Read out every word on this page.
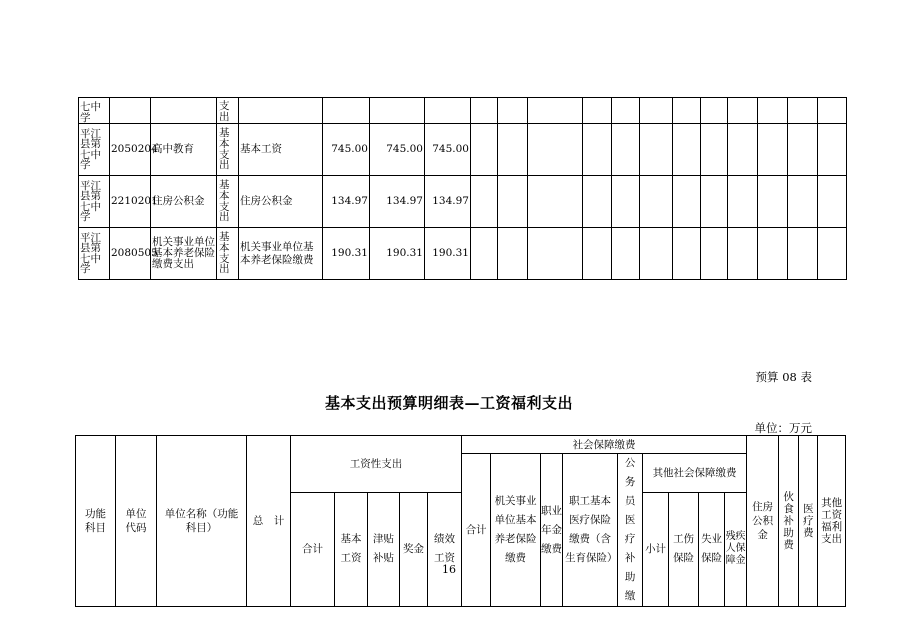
七中学			支出																
平江县第七中学	2050204	高中教育	基本支出	基本工资	745.00	745.00	745.00												
平江县第七中学	2210201	住房公积金	基本支出	住房公积金	134.97	134.97	134.97												
平江县第七中学	2080505	机关事业单位基本养老保险缴费支出	基本支出	机关事业单位基本养老保险缴费	190.31	190.31	190.31												
预算 08 表
基本支出预算明细表—工资福利支出
单位：万元
功能科目	单位代码	单位名称（功能科目）	总　计	工资性支出					社会保障缴费									住房公积金	伙食补助费	医疗费	其他工资福利支出
									合计	机关事业单位基本养老保险缴费	职业年金缴费	职工基本医疗保险缴费（含生育保险）	公务员医疗补助缴	其他社会保障缴费							
				合计	基本工资	津贴补贴	奖金	绩效工资						小计	工伤保险	失业保险	残疾人保障金				
16
